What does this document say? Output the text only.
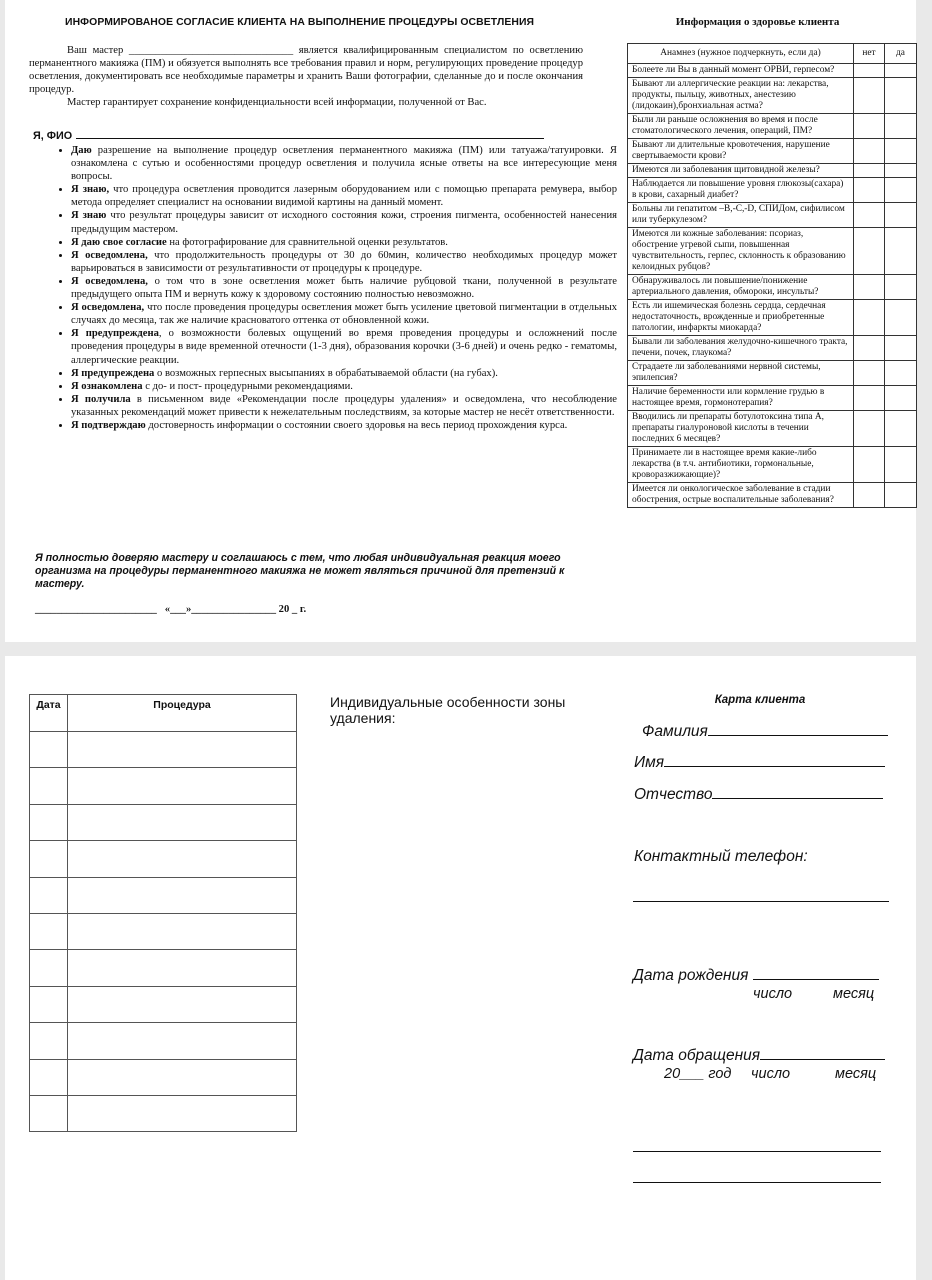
ИНФОРМИРОВАНОЕ СОГЛАСИЕ КЛИЕНТА НА ВЫПОЛНЕНИЕ ПРОЦЕДУРЫ ОСВЕТЛЕНИЯ

Ваш мастер _______________________________ является квалифицированным специалистом по осветлению перманентного макияжа (ПМ) и обязуется выполнять все требования правил и норм, регулирующих проведение процедур осветления, документировать все необходимые параметры и хранить Ваши фотографии, сделанные до и после окончания процедур.

Мастер гарантирует сохранение конфиденциальности всей информации, полученной от Вас.

Я, ФИО
• Даю разрешение на выполнение процедур осветления перманентного макияжа (ПМ) или татуажа/татуировки. Я ознакомлена с сутью и особенностями процедур осветления и получила ясные ответы на все интересующие меня вопросы.
• Я знаю, что процедура осветления проводится лазерным оборудованием или с помощью препарата ремувера, выбор метода определяет специалист на основании видимой картины на данный момент.
• Я знаю что результат процедуры зависит от исходного состояния кожи, строения пигмента, особенностей нанесения предыдущим мастером.
• Я даю свое согласие на фотографирование для сравнительной оценки результатов.
• Я осведомлена, что продолжительность процедуры от 30 до 60мин, количество необходимых процедур может варьироваться в зависимости от результативности от процедуры к процедуре.
• Я осведомлена, о том что в зоне осветления может быть наличие рубцовой ткани, полученной в результате предыдущего опыта ПМ и вернуть кожу к здоровому состоянию полностью невозможно.
• Я осведомлена, что после проведения процедуры осветления может быть усиление цветовой пигментации в отдельных случаях до месяца, так же наличие красноватого оттенка от обновленной кожи.
• Я предупреждена, о возможности болевых ощущений во время проведения процедуры и осложнений после проведения процедуры в виде временной отечности (1-3 дня), образования корочки (3-6 дней) и очень редко - гематомы, аллергические реакции.
• Я предупреждена о возможных герпесных высыпаниях в обрабатываемой области (на губах).
• Я ознакомлена с до- и пост- процедурными рекомендациями.
• Я получила в письменном виде «Рекомендации после процедуры удаления» и осведомлена, что несоблюдение указанных рекомендаций может привести к нежелательным последствиям, за которые мастер не несёт ответственности.
• Я подтверждаю достоверность информации о состоянии своего здоровья на весь период прохождения курса.
Я полностью доверяю мастеру и соглашаюсь с тем, что любая индивидуальная реакция моего организма на процедуры перманентного макияжа не может являться причиной для претензий к мастеру.
_______________________   «___»________________ 20 _ г.
Информация о здоровье клиента
Анамнез (нужное подчеркнуть, если да)	нет	да
Болеете ли Вы в данный момент ОРВИ, герпесом?		
Бывают ли аллергические реакции на: лекарства, продукты, пыльцу, животных, анестезию (лидокаин),бронхиальная астма?		
Были ли раньше осложнения во время и после стоматологического лечения, операций, ПМ?		
Бывают ли длительные кровотечения, нарушение свертываемости крови?		
Имеются ли заболевания щитовидной железы?		
Наблюдается ли повышение уровня глюкозы(сахара) в крови, сахарный диабет?		
Больны ли гепатитом –В,-С,-D, СПИДом, сифилисом или туберкулезом?		
Имеются ли кожные заболевания: псориаз, обострение угревой сыпи, повышенная чувствительность, герпес, склонность к образованию келоидных рубцов?		
Обнаруживалось ли повышение/понижение артериального давления, обмороки, инсульты?		
Есть ли ишемическая болезнь сердца, сердечная недостаточность, врожденные и приобретенные патологии, инфаркты миокарда?		
Бывали ли заболевания желудочно-кишечного тракта, печени, почек, глаукома?		
Страдаете ли заболеваниями нервной системы, эпилепсия?		
Наличие беременности или кормление грудью в настоящее время, гормонотерапия?		
Вводились ли препараты ботулотоксина типа А, препараты гиалуроновой кислоты в течении последних 6 месяцев?		
Принимаете ли в настоящее время какие-либо лекарства (в т.ч. антибиотики, гормональные, кроворазжижающие)?		
Имеется ли онкологическое заболевание в стадии обострения, острые воспалительные заболевания?		
Дата	Процедура

		Индивидуальные особенности зоны удаления:
Карта клиента
Фамилия
Имя
Отчество
Контактный телефон:
Дата рождения
число	месяц
Дата обращения
20___ год число	месяц
